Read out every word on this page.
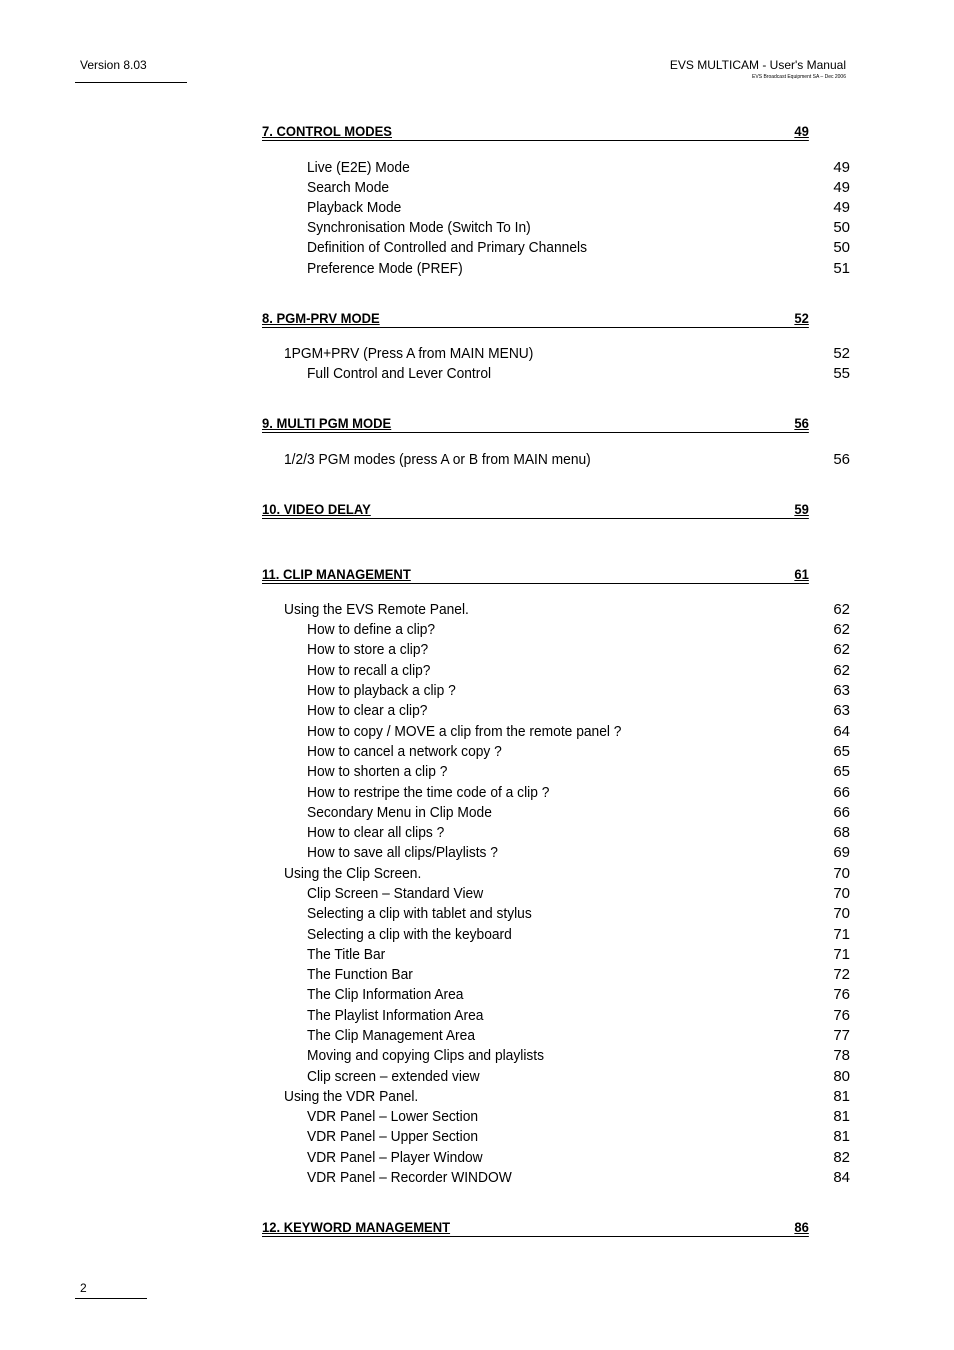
Version 8.03	EVS MULTICAM - User's Manual
EVS Broadcast Equipment SA – Dec 2006
7. CONTROL MODES	49
Live (E2E) Mode	49
Search Mode	49
Playback Mode	49
Synchronisation Mode (Switch To In)	50
Definition of Controlled and Primary Channels	50
Preference Mode (PREF)	51
8. PGM-PRV MODE	52
1PGM+PRV (Press A from MAIN MENU)	52
Full Control and Lever Control	55
9. MULTI PGM MODE	56
1/2/3 PGM modes (press A or B from MAIN menu)	56
10. VIDEO DELAY	59
11. CLIP MANAGEMENT	61
Using the EVS Remote Panel.	62
How to define a clip?	62
How to store a clip?	62
How to recall a clip?	62
How to playback a clip ?	63
How to clear a clip?	63
How to copy / MOVE a clip from the remote panel ?	64
How to cancel a network copy ?	65
How to shorten a clip ?	65
How to restripe the time code of a clip ?	66
Secondary Menu in Clip Mode	66
How to clear all clips ?	68
How to save all clips/Playlists ?	69
Using the Clip Screen.	70
Clip Screen – Standard View	70
Selecting a clip with tablet and stylus	70
Selecting a clip with the keyboard	71
The Title Bar	71
The Function Bar	72
The Clip Information Area	76
The Playlist Information Area	76
The Clip Management Area	77
Moving and copying Clips and playlists	78
Clip screen – extended view	80
Using the VDR Panel.	81
VDR Panel – Lower Section	81
VDR Panel – Upper Section	81
VDR Panel – Player Window	82
VDR Panel – Recorder WINDOW	84
12. KEYWORD MANAGEMENT	86
2
